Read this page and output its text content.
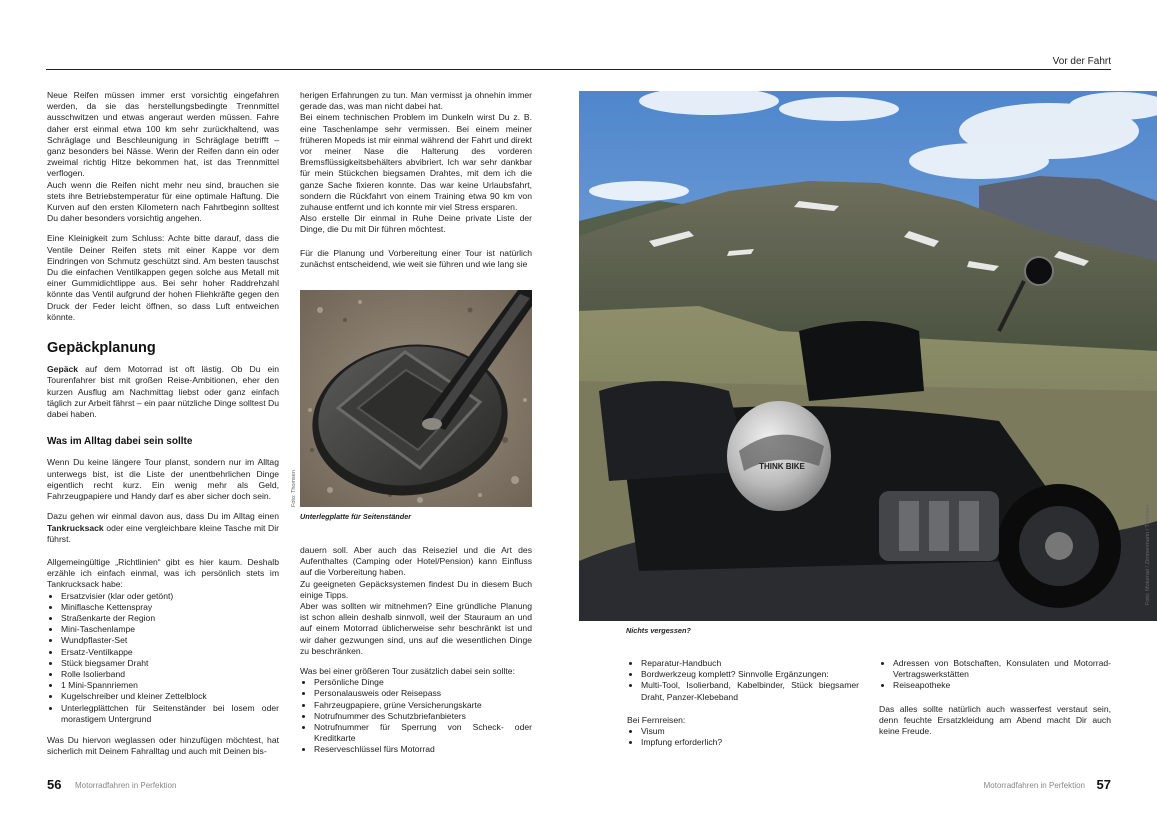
Vor der Fahrt

Neue Reifen müssen immer erst vorsichtig eingefahren werden, da sie das herstellungsbedingte Trennmittel ausschwitzen und etwas angeraut werden müssen. Fahre daher erst einmal etwa 100 km sehr zurückhaltend, was Schräglage und Beschleunigung in Schräglage betrifft – ganz besonders bei Nässe. Wenn der Reifen dann ein oder zweimal richtig Hitze bekommen hat, ist das Trennmittel verflogen.

Auch wenn die Reifen nicht mehr neu sind, brauchen sie stets ihre Betriebstemperatur für eine optimale Haftung. Die Kurven auf den ersten Kilometern nach Fahrtbeginn solltest Du daher besonders vorsichtig angehen.

Eine Kleinigkeit zum Schluss: Achte bitte darauf, dass die Ventile Deiner Reifen stets mit einer Kappe vor dem Eindringen von Schmutz geschützt sind. Am besten tauschst Du die einfachen Ventilkappen gegen solche aus Metall mit einer Gummidichtlippe aus. Bei sehr hoher Raddrehzahl könnte das Ventil aufgrund der hohen Fliehkräfte gegen den Druck der Feder leicht öffnen, so dass Luft entweichen könnte.

Gepäckplanung

Gepäck auf dem Motorrad ist oft lästig. Ob Du ein Tourenfahrer bist mit großen Reise-Ambitionen, eher den kurzen Ausflug am Nachmittag liebst oder ganz einfach täglich zur Arbeit fährst – ein paar nützliche Dinge solltest Du dabei haben.

Was im Alltag dabei sein sollte

Wenn Du keine längere Tour planst, sondern nur im Alltag unterwegs bist, ist die Liste der unentbehrlichen Dinge eigentlich recht kurz. Ein wenig mehr als Geld, Fahrzeugpapiere und Handy darf es aber sicher doch sein.

Dazu gehen wir einmal davon aus, dass Du im Alltag einen Tankrucksack oder eine vergleichbare kleine Tasche mit Dir führst.

Allgemeingültige „Richtlinien“ gibt es hier kaum. Deshalb erzähle ich einfach einmal, was ich persönlich stets im Tankrucksack habe:

• Ersatzvisier (klar oder getönt)
• Miniflasche Kettenspray
• Straßenkarte der Region
• Mini-Taschenlampe
• Wundpflaster-Set
• Ersatz-Ventilkappe
• Stück biegsamer Draht
• Rolle Isolierband
• 1 Mini-Spannriemen
• Kugelschreiber und kleiner Zettelblock
• Unterlegplättchen für Seitenständer bei losem oder morastigem Untergrund

Was Du hiervon weglassen oder hinzufügen möchtest, hat sicherlich mit Deinem Fahralltag und auch mit Deinen bis-

herigen Erfahrungen zu tun. Man vermisst ja ohnehin immer gerade das, was man nicht dabei hat.

Bei einem technischen Problem im Dunkeln wirst Du z. B. eine Taschenlampe sehr vermissen. Bei einem meiner früheren Mopeds ist mir einmal während der Fahrt und direkt vor meiner Nase die Halterung des vorderen Bremsflüssigkeitsbehälters abvibriert. Ich war sehr dankbar für mein Stückchen biegsamen Drahtes, mit dem ich die ganze Sache fixieren konnte. Das war keine Urlaubsfahrt, sondern die Rückfahrt von einem Training etwa 90 km von zuhause entfernt und ich konnte mir viel Stress ersparen.

Also erstelle Dir einmal in Ruhe Deine private Liste der Dinge, die Du mit Dir führen möchtest.

Für die Planung und Vorbereitung einer Tour ist natürlich zunächst entscheidend, wie weit sie führen und wie lang sie

Foto: Thomsen
Unterlegplatte für Seitenständer

dauern soll. Aber auch das Reiseziel und die Art des Aufenthaltes (Camping oder Hotel/Pension) kann Einfluss auf die Vorbereitung haben.

Zu geeigneten Gepäcksystemen findest Du in diesem Buch einige Tipps.

Aber was sollten wir mitnehmen? Eine gründliche Planung ist schon allein deshalb sinnvoll, weil der Stauraum an und auf einem Motorrad üblicherweise sehr beschränkt ist und wir daher gezwungen sind, uns auf die wesentlichen Dinge zu beschränken.

Was bei einer größeren Tour zusätzlich dabei sein sollte:

• Persönliche Dinge
• Personalausweis oder Reisepass
• Fahrzeugpapiere, grüne Versicherungskarte
• Notrufnummer des Schutzbriefanbieters
• Notrufnummer für Sperrung von Scheck- oder Kreditkarte
• Reserveschlüssel fürs Motorrad
THINK BIKE
Foto: Motorrad / Zimmermann / Thomsen
Nichts vergessen?
• Reparatur-Handbuch
• Bordwerkzeug komplett? Sinnvolle Ergänzungen:
• Multi-Tool, Isolierband, Kabelbinder, Stück biegsamer Draht, Panzer-Klebeband

Bei Fernreisen:

• Visum
• Impfung erforderlich?
• Adressen von Botschaften, Konsulaten und Motorrad-Vertragswerkstätten
• Reiseapotheke

Das alles sollte natürlich auch wasserfest verstaut sein, denn feuchte Ersatzkleidung am Abend macht Dir auch keine Freude.

56 Motorradfahren in Perfektion	Motorradfahren in Perfektion 57
